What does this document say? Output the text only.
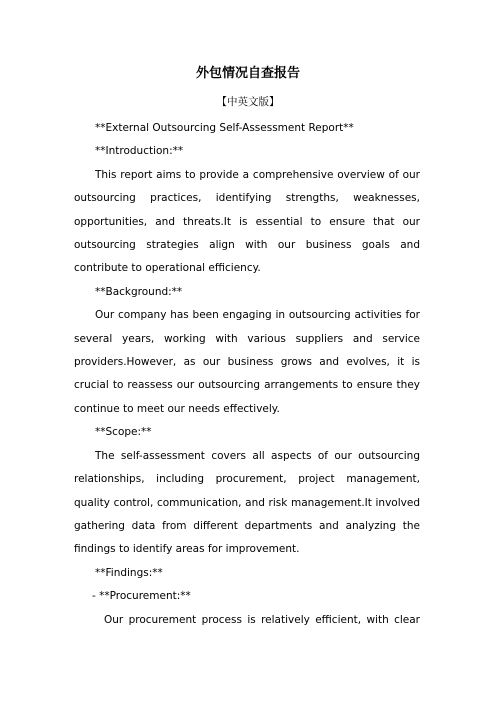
外包情况自查报告
【中英文版】

**External Outsourcing Self-Assessment Report**

**Introduction:**

This report aims to provide a comprehensive overview of our outsourcing practices, identifying strengths, weaknesses, opportunities, and threats.It is essential to ensure that our outsourcing strategies align with our business goals and contribute to operational efficiency.

**Background:**

Our company has been engaging in outsourcing activities for several years, working with various suppliers and service providers.However, as our business grows and evolves, it is crucial to reassess our outsourcing arrangements to ensure they continue to meet our needs effectively.

**Scope:**

The self-assessment covers all aspects of our outsourcing relationships, including procurement, project management, quality control, communication, and risk management.It involved gathering data from different departments and analyzing the findings to identify areas for improvement.

**Findings:**

- **Procurement:**

Our procurement process is relatively efficient, with clear
